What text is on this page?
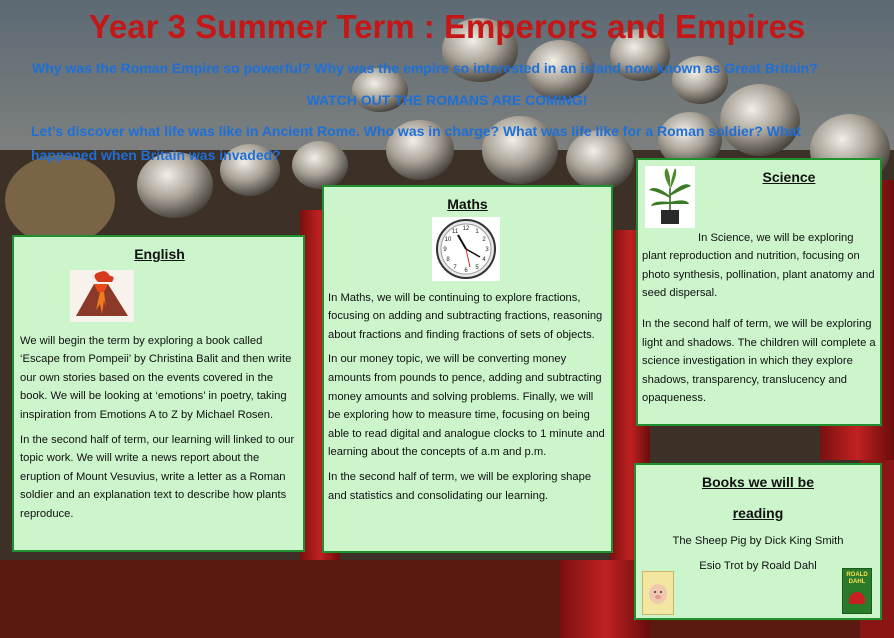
Year 3 Summer Term : Emperors and Empires

Why was the Roman Empire so powerful? Why was the empire so interested in an island now known as Great Britain?

WATCH OUT THE ROMANS ARE COMING!

Let’s discover what life was like in Ancient Rome. Who was in charge? What was life like for a Roman soldier? What

happened when Britain was invaded?

English

We will begin the term by exploring a book called ‘Escape from Pompeii’ by Christina Balit and then write our own stories based on the events covered in the book. We will be looking at ‘emotions’ in poetry, taking inspiration from Emotions A to Z by Michael Rosen.

In the second half of term, our learning will linked to our topic work. We will write a news report about the eruption of Mount Vesuvius, write a letter as a Roman soldier and an explanation text to describe how plants reproduce.

Maths
12 1
2
3
4
5
6
7
8
9
10
11

In Maths, we will be continuing to explore fractions, focusing on adding and subtracting fractions, reasoning about fractions and finding fractions of sets of objects.

In our money topic, we will be converting money amounts from pounds to pence, adding and subtracting money amounts and solving problems. Finally, we will be exploring how to measure time, focusing on being able to read digital and analogue clocks to 1 minute and learning about the concepts of a.m and p.m.

In the second half of term, we will be exploring shape and statistics and consolidating our learning.

Science

In Science, we will be exploring plant reproduction and nutrition, focusing on photo synthesis, pollination, plant anatomy and seed dispersal.

In the second half of term, we will be exploring light and shadows. The children will complete a science investigation in which they explore shadows, transparency, translucency and opaqueness.

Books we will be
reading

The Sheep Pig by Dick King Smith

Esio Trot by Roald Dahl

ROALD DAHL
